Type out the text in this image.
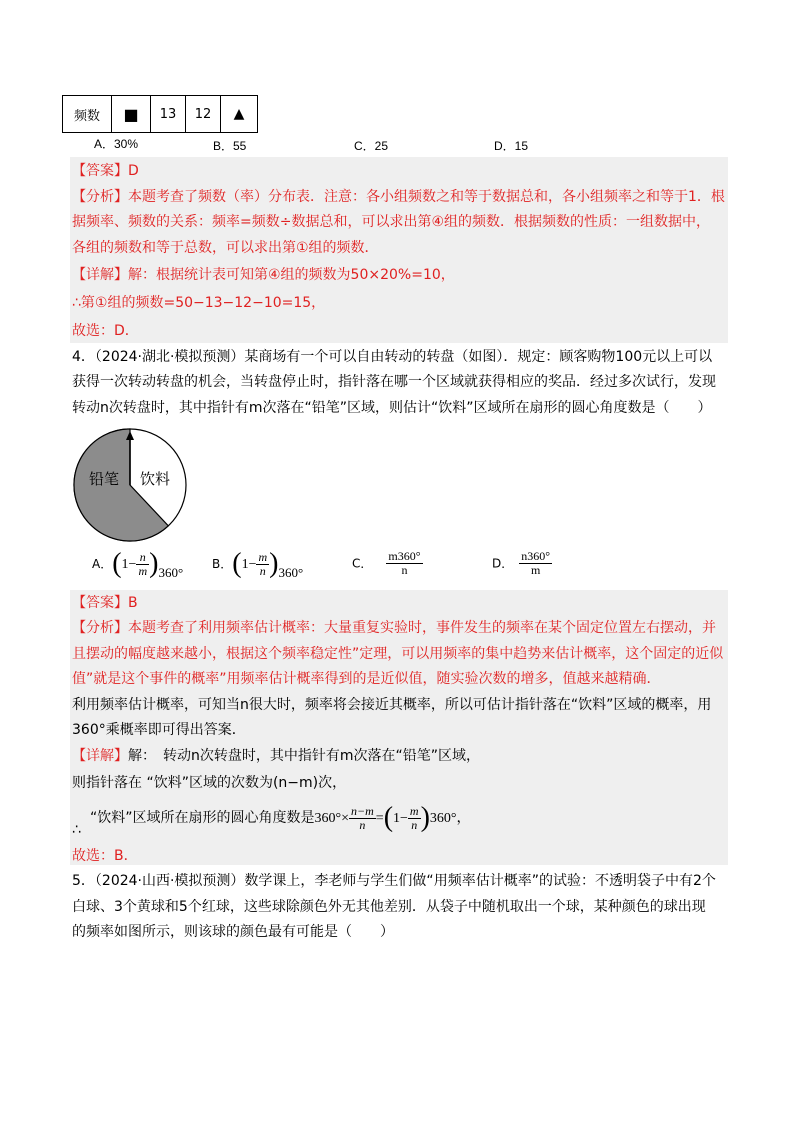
频数	■	13	12	▲
A．30%	B．55	C．25	D．15
【答案】D
【分析】本题考查了频数（率）分布表．注意：各小组频数之和等于数据总和，各小组频率之和等于1．根
据频率、频数的关系：频率=频数÷数据总和，可以求出第④组的频数．根据频数的性质：一组数据中，
各组的频数和等于总数，可以求出第①组的频数．
【详解】解：根据统计表可知第④组的频数为50×20%=10，
∴第①组的频数=50−13−12−10=15，
故选：D．
4．（2024·湖北·模拟预测）某商场有一个可以自由转动的转盘（如图）．规定：顾客购物100元以上可以
获得一次转动转盘的机会，当转盘停止时，指针落在哪一个区域就获得相应的奖品．经过多次试行，发现
转动n次转盘时，其中指针有m次落在“铅笔”区域，则估计“饮料”区域所在扇形的圆心角度数是（　　）
铅笔 饮料
A．$(1- \frac{n}{m} )360^\circ$
B．$(1- \frac{m}{n} )360^\circ$
C． $\frac{m360^\circ}{n}$	D． $\frac{n360^\circ}{m}$
【答案】B
【分析】本题考查了利用频率估计概率：大量重复实验时，事件发生的频率在某个固定位置左右摆动，并
且摆动的幅度越来越小，根据这个频率稳定性”定理，可以用频率的集中趋势来估计概率，这个固定的近似
值”就是这个事件的概率”用频率估计概率得到的是近似值，随实验次数的增多，值越来越精确．
利用频率估计概率，可知当n很大时，频率将会接近其概率，所以可估计指针落在“饮料”区域的概率，用
360°乘概率即可得出答案．
【详解】解：　转动n次转盘时，其中指针有m次落在“铅笔”区域，
则指针落在 “饮料”区域的次数为(n−m)次，
“饮料”区域所在扇形的圆心角度数是$360^\circ\times \frac{n-m}{n} =(1- \frac{m}{n} )360^\circ$，
∴
故选：B．
5．（2024·山西·模拟预测）数学课上，李老师与学生们做“用频率估计概率”的试验：不透明袋子中有2个
白球、3个黄球和5个红球，这些球除颜色外无其他差别．从袋子中随机取出一个球，某种颜色的球出现
的频率如图所示，则该球的颜色最有可能是（　　）
